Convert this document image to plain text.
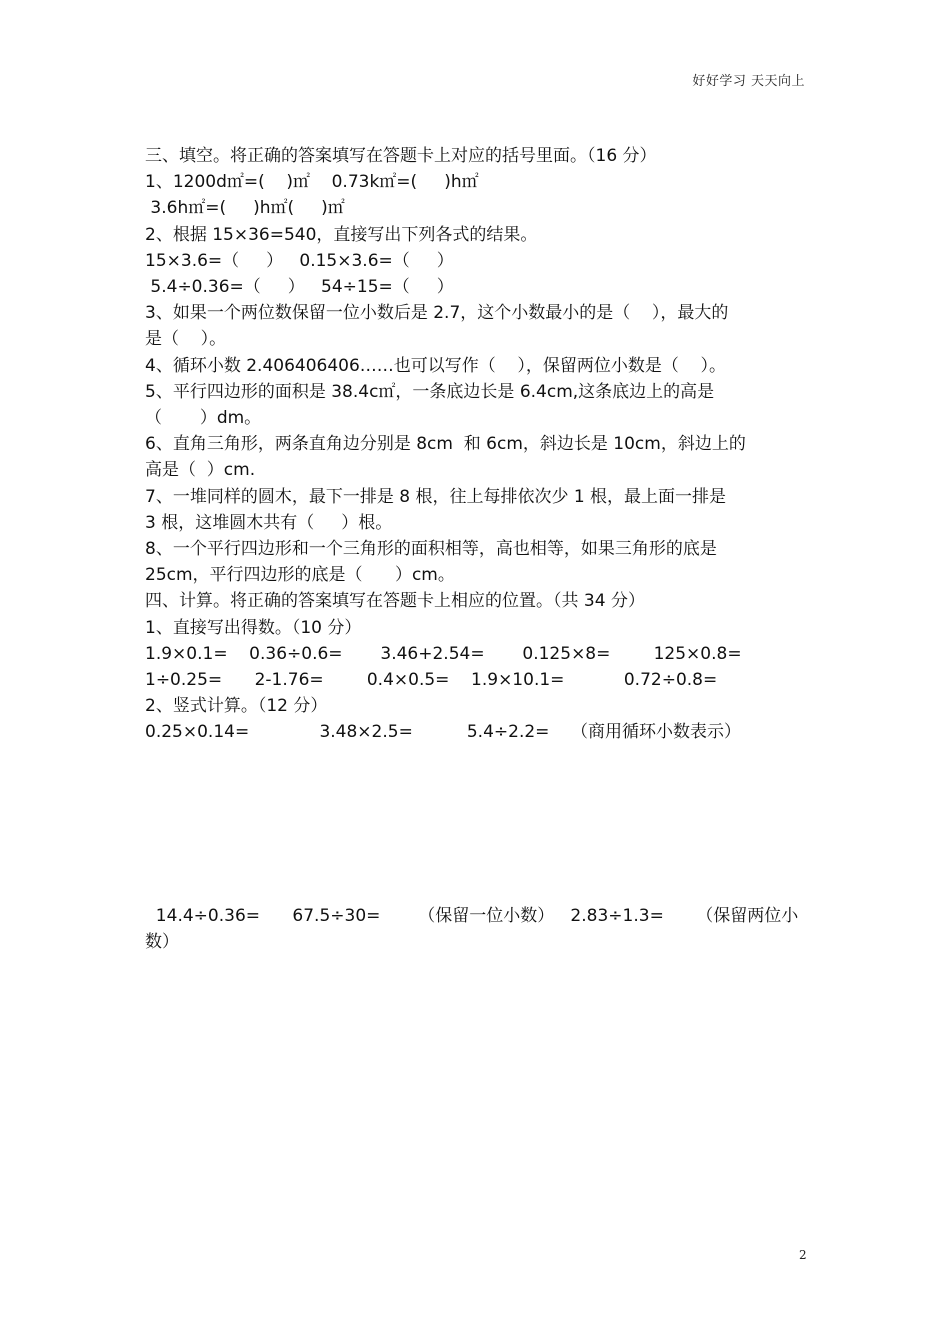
好好学习 天天向上

三、填空。将正确的答案填写在答题卡上对应的括号里面。（16 分）

1、1200d㎡=(    )㎡    0.73k㎡=(     )h㎡

3.6h㎡=(     )h㎡(     )㎡

2、根据 15×36=540，直接写出下列各式的结果。

15×3.6=（     ）   0.15×3.6=（     ）

5.4÷0.36=（     ）   54÷15=（     ）

3、如果一个两位数保留一位小数后是 2.7，这个小数最小的是（    ），最大的

是（    ）。

4、循环小数 2.406406406……也可以写作（    ），保留两位小数是（    ）。

5、平行四边形的面积是 38.4c㎡，一条底边长是 6.4cm,这条底边上的高是

（       ）dm。

6、直角三角形，两条直角边分别是 8cm  和 6cm，斜边长是 10cm，斜边上的

高是（  ）cm.

7、一堆同样的圆木，最下一排是 8 根，往上每排依次少 1 根，最上面一排是

3 根，这堆圆木共有（     ）根。

8、一个平行四边形和一个三角形的面积相等，高也相等，如果三角形的底是

25cm，平行四边形的底是（      ）cm。

四、计算。将正确的答案填写在答题卡上相应的位置。（共 34 分）

1、直接写出得数。（10 分）

1.9×0.1=    0.36÷0.6=       3.46+2.54=       0.125×8=        125×0.8=

1÷0.25=      2-1.76=        0.4×0.5=    1.9×10.1=           0.72÷0.8=

2、竖式计算。（12 分）

0.25×0.14=             3.48×2.5=          5.4÷2.2=    （商用循环小数表示）

14.4÷0.36=      67.5÷30=       （保留一位小数）   2.83÷1.3=      （保留两位小

数）

2
